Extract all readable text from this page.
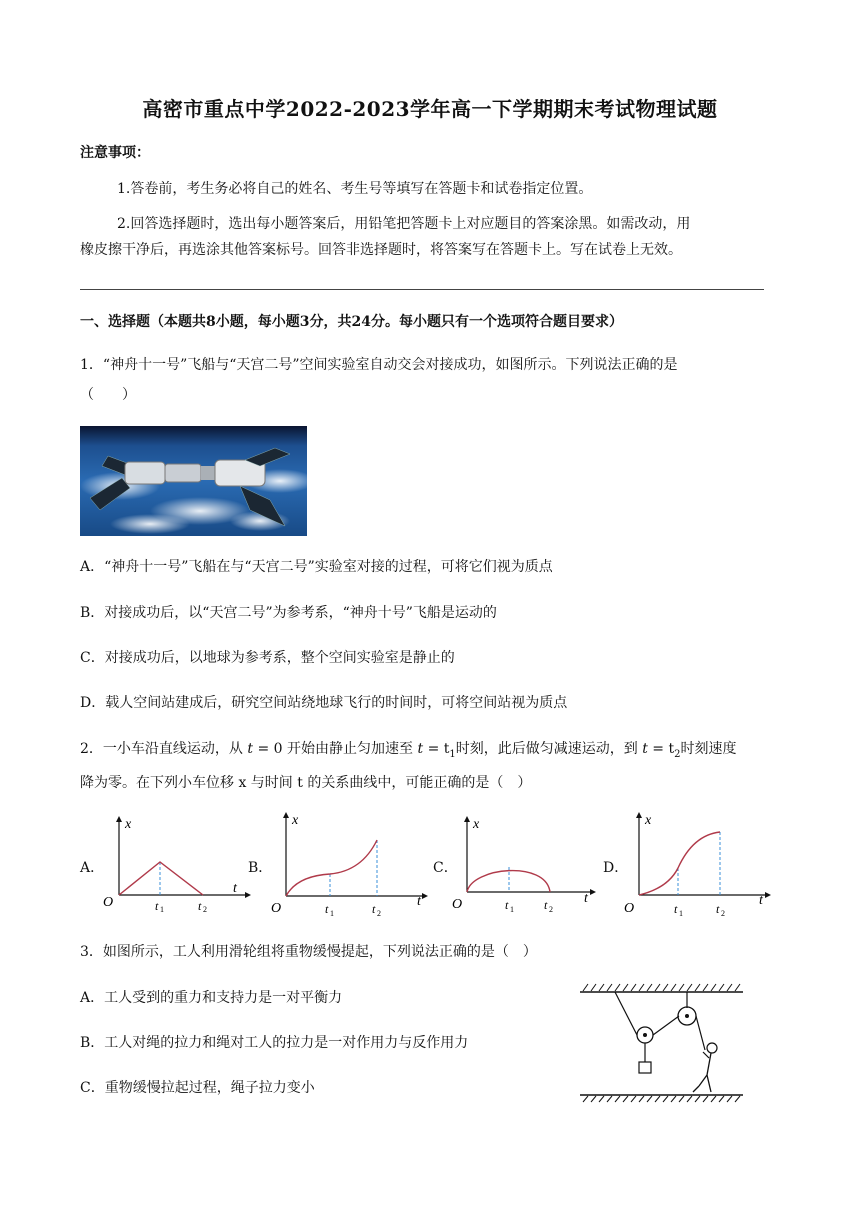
高密市重点中学2022-2023学年高一下学期期末考试物理试题
注意事项：
1.答卷前，考生务必将自己的姓名、考生号等填写在答题卡和试卷指定位置。
2.回答选择题时，选出每小题答案后，用铅笔把答题卡上对应题目的答案涂黑。如需改动，用
橡皮擦干净后，再选涂其他答案标号。回答非选择题时，将答案写在答题卡上。写在试卷上无效。
一、选择题（本题共8小题，每小题3分，共24分。每小题只有一个选项符合题目要求）
1．“神舟十一号”飞船与“天宫二号”空间实验室自动交会对接成功，如图所示。下列说法正确的是
（　　）
A．“神舟十一号”飞船在与“天宫二号”实验室对接的过程，可将它们视为质点
B．对接成功后，以“天宫二号”为参考系，“神舟十号”飞船是运动的
C．对接成功后，以地球为参考系，整个空间实验室是静止的
D．载人空间站建成后，研究空间站绕地球飞行的时间时，可将空间站视为质点
2．一小车沿直线运动，从 t = 0 开始由静止匀加速至 $t = t_1$时刻，此后做匀减速运动，到 $t = t_2$时刻速度
降为零。在下列小车位移 x 与时间 t 的关系曲线中，可能正确的是（　）
A．
x
t
O	t 1	t 2
B．
x
t
O	t 1	t 2
C．
x
t
O	t 1	t 2
D．
x
t
O	t 1	t 2
3．如图所示，工人利用滑轮组将重物缓慢提起，下列说法正确的是（　）
A．工人受到的重力和支持力是一对平衡力
B．工人对绳的拉力和绳对工人的拉力是一对作用力与反作用力
C．重物缓慢拉起过程，绳子拉力变小
